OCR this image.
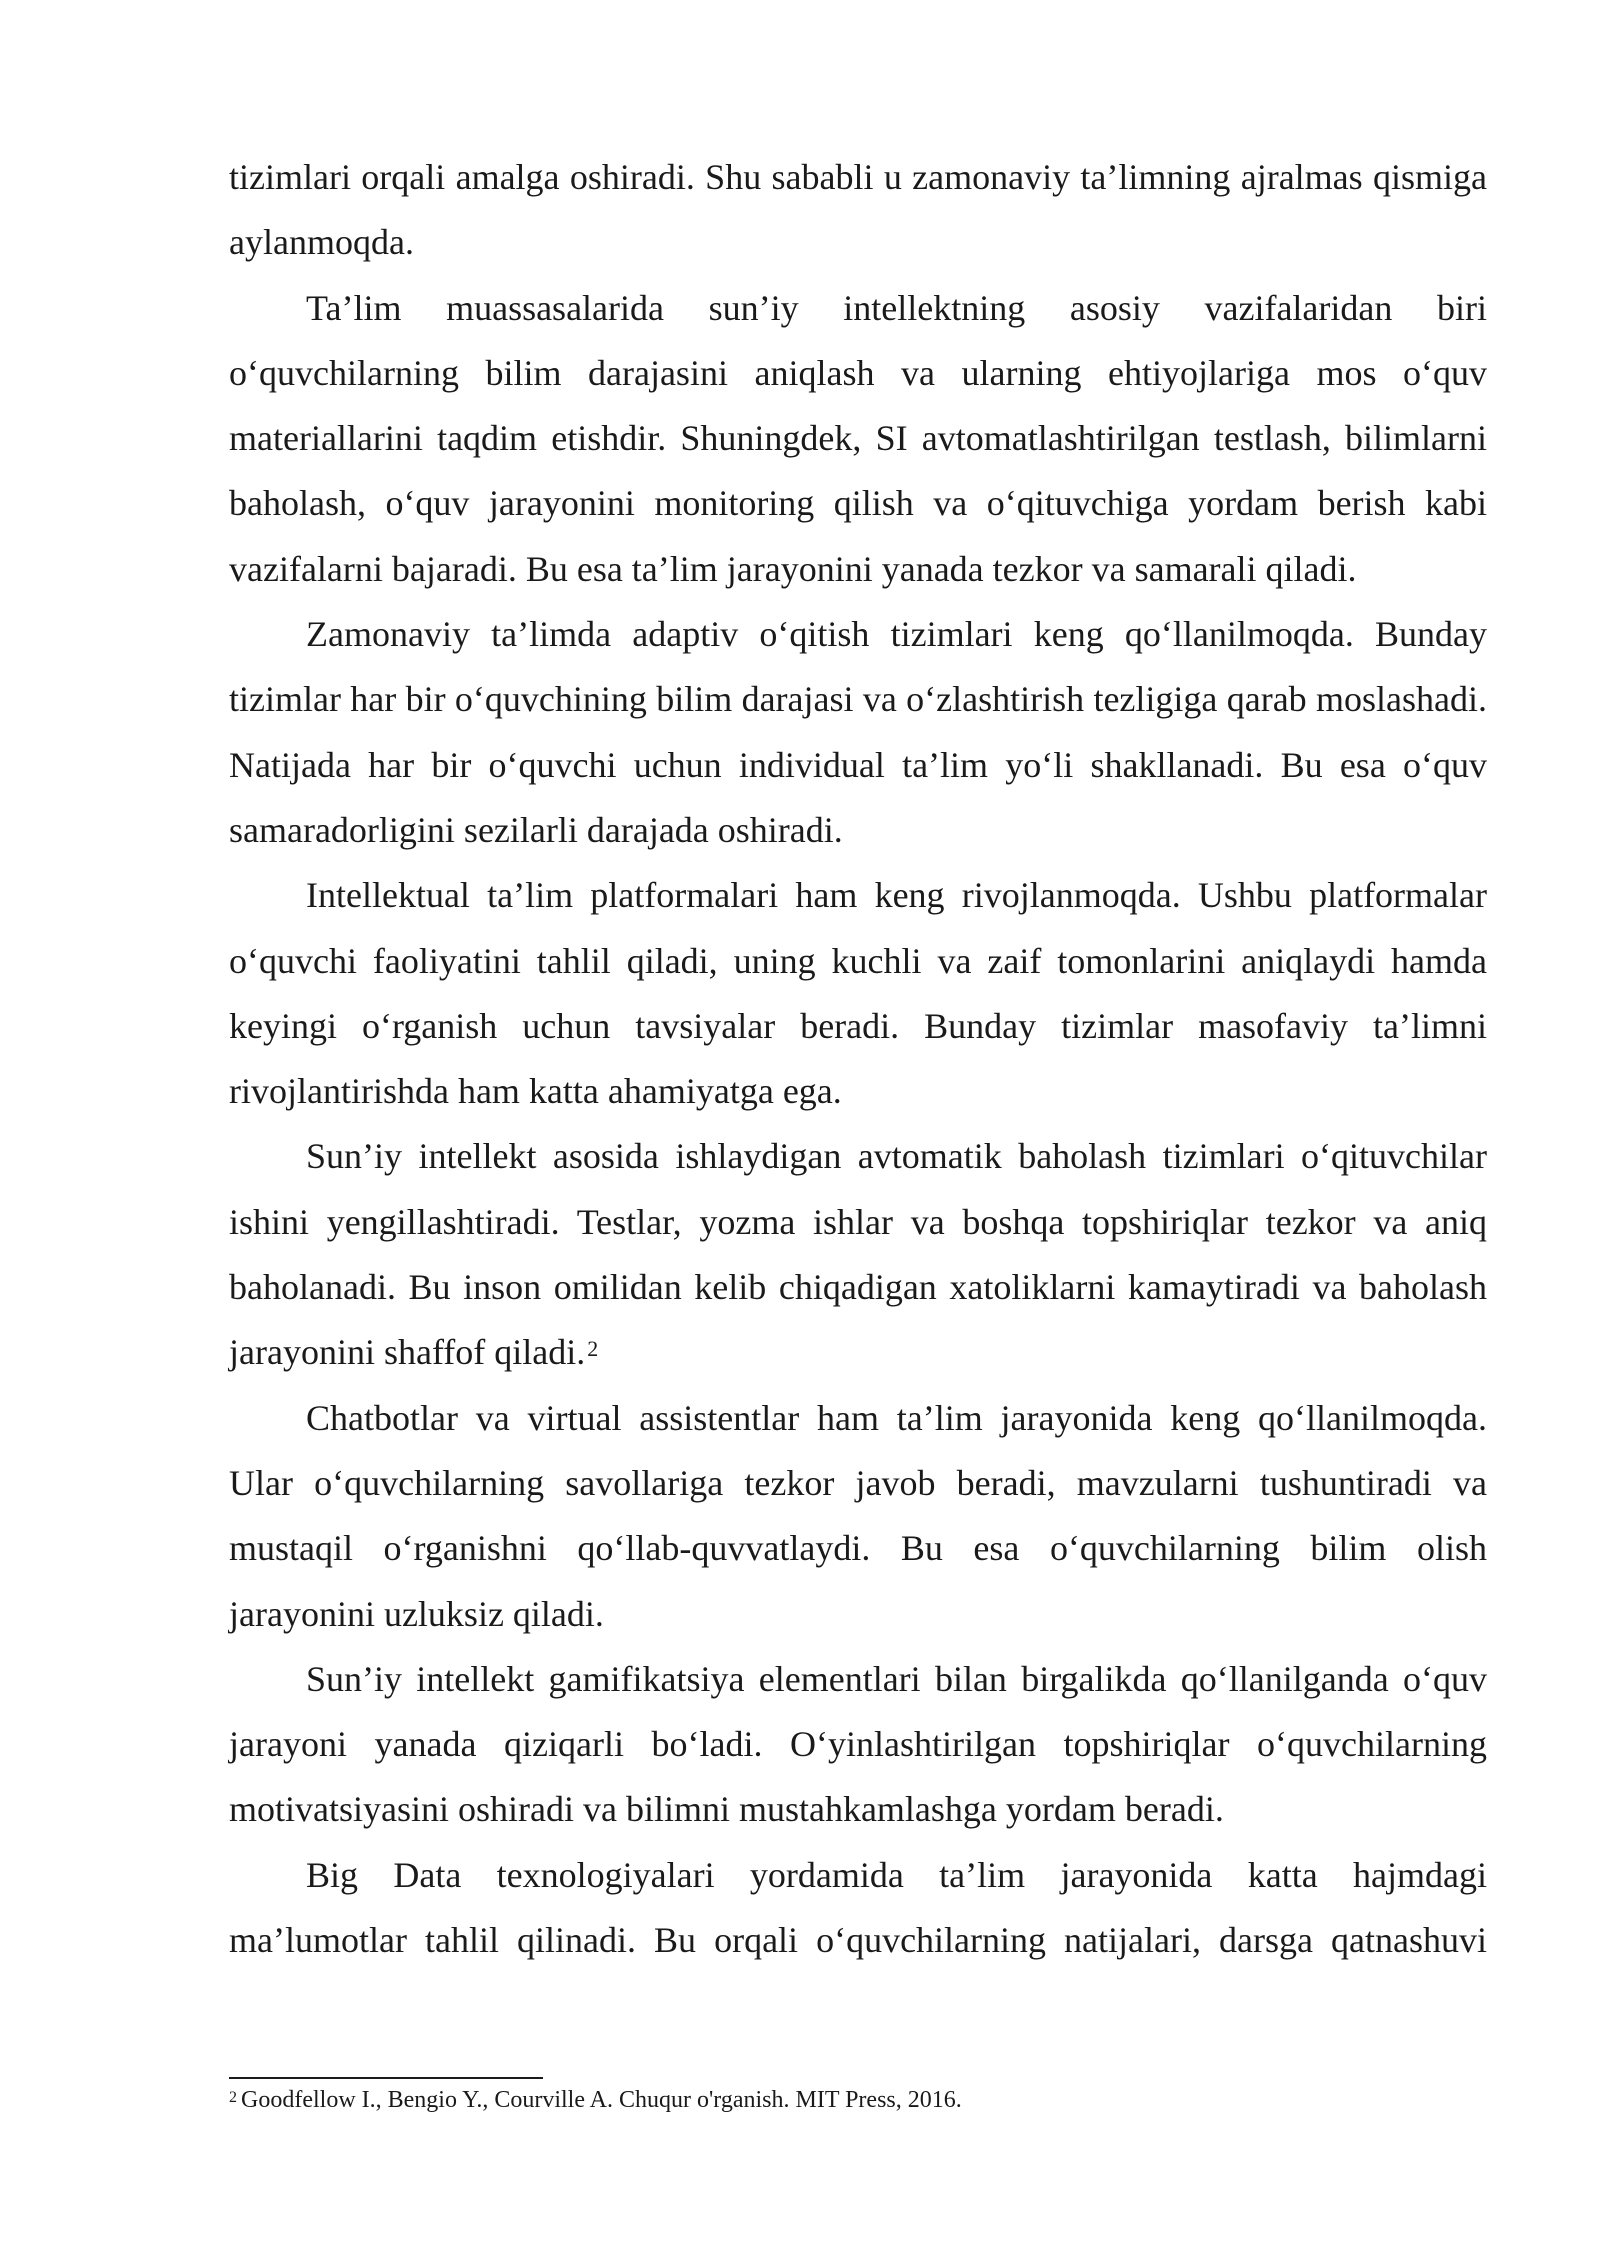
tizimlari orqali amalga oshiradi. Shu sababli u zamonaviy ta’limning ajralmas qismiga aylanmoqda.

Ta’lim muassasalarida sun’iy intellektning asosiy vazifalaridan biri o‘quvchilarning bilim darajasini aniqlash va ularning ehtiyojlariga mos o‘quv materiallarini taqdim etishdir. Shuningdek, SI avtomatlashtirilgan testlash, bilimlarni baholash, o‘quv jarayonini monitoring qilish va o‘qituvchiga yordam berish kabi vazifalarni bajaradi. Bu esa ta’lim jarayonini yanada tezkor va samarali qiladi.

Zamonaviy ta’limda adaptiv o‘qitish tizimlari keng qo‘llanilmoqda. Bunday tizimlar har bir o‘quvchining bilim darajasi va o‘zlashtirish tezligiga qarab moslashadi. Natijada har bir o‘quvchi uchun individual ta’lim yo‘li shakllanadi. Bu esa o‘quv samaradorligini sezilarli darajada oshiradi.

Intellektual ta’lim platformalari ham keng rivojlanmoqda. Ushbu platformalar o‘quvchi faoliyatini tahlil qiladi, uning kuchli va zaif tomonlarini aniqlaydi hamda keyingi o‘rganish uchun tavsiyalar beradi. Bunday tizimlar masofaviy ta’limni rivojlantirishda ham katta ahamiyatga ega.

Sun’iy intellekt asosida ishlaydigan avtomatik baholash tizimlari o‘qituvchilar ishini yengillashtiradi. Testlar, yozma ishlar va boshqa topshiriqlar tezkor va aniq baholanadi. Bu inson omilidan kelib chiqadigan xatoliklarni kamaytiradi va baholash jarayonini shaffof qiladi.$^2$

Chatbotlar va virtual assistentlar ham ta’lim jarayonida keng qo‘llanilmoqda. Ular o‘quvchilarning savollariga tezkor javob beradi, mavzularni tushuntiradi va mustaqil o‘rganishni qo‘llab-quvvatlaydi. Bu esa o‘quvchilarning bilim olish jarayonini uzluksiz qiladi.

Sun’iy intellekt gamifikatsiya elementlari bilan birgalikda qo‘llanilganda o‘quv jarayoni yanada qiziqarli bo‘ladi. O‘yinlashtirilgan topshiriqlar o‘quvchilarning motivatsiyasini oshiradi va bilimni mustahkamlashga yordam beradi.

Big Data texnologiyalari yordamida ta’lim jarayonida katta hajmdagi ma’lumotlar tahlil qilinadi. Bu orqali o‘quvchilarning natijalari, darsga qatnashuvi

$^2$ Goodfellow I., Bengio Y., Courville A. Chuqur o'rganish. MIT Press, 2016.
